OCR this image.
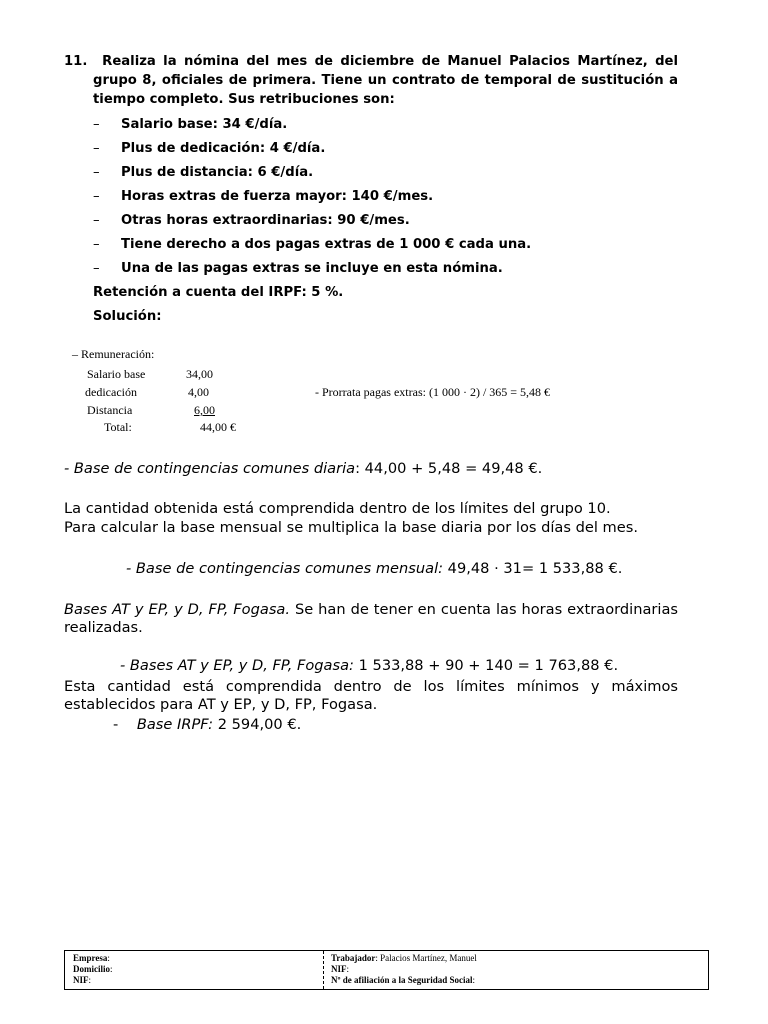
11. Realiza la nómina del mes de diciembre de Manuel Palacios Martínez, del grupo 8, oficiales de primera. Tiene un contrato de temporal de sustitución a tiempo completo. Sus retribuciones son:

– Salario base: 34 €/día.
– Plus de dedicación: 4 €/día.
– Plus de distancia: 6 €/día.
– Horas extras de fuerza mayor: 140 €/mes.
– Otras horas extraordinarias: 90 €/mes.
– Tiene derecho a dos pagas extras de 1 000 € cada una.
– Una de las pagas extras se incluye en esta nómina.
Retención a cuenta del IRPF: 5 %.
Solución:
– Remuneración:
Salario base	34,00
dedicación	4,00
Distancia	6,00
Total:	44,00 €
- Prorrata pagas extras: (1 000 · 2) / 365 = 5,48 €
- Base de contingencias comunes diaria: 44,00 + 5,48 = 49,48 €.
La cantidad obtenida está comprendida dentro de los límites del grupo 10.
Para calcular la base mensual se multiplica la base diaria por los días del mes.
- Base de contingencias comunes mensual: 49,48 · 31= 1 533,88 €.
Bases AT y EP, y D, FP, Fogasa. Se han de tener en cuenta las horas extraordinarias realizadas.
- Bases AT y EP, y D, FP, Fogasa: 1 533,88 + 90 + 140 = 1 763,88 €.
Esta cantidad está comprendida dentro de los límites mínimos y máximos establecidos para AT y EP, y D, FP, Fogasa.
- Base IRPF: 2 594,00 €.
Empresa:
Domicilio:
NIF:
Trabajador: Palacios Martínez, Manuel
NIF:
Nº de afiliación a la Seguridad Social:
